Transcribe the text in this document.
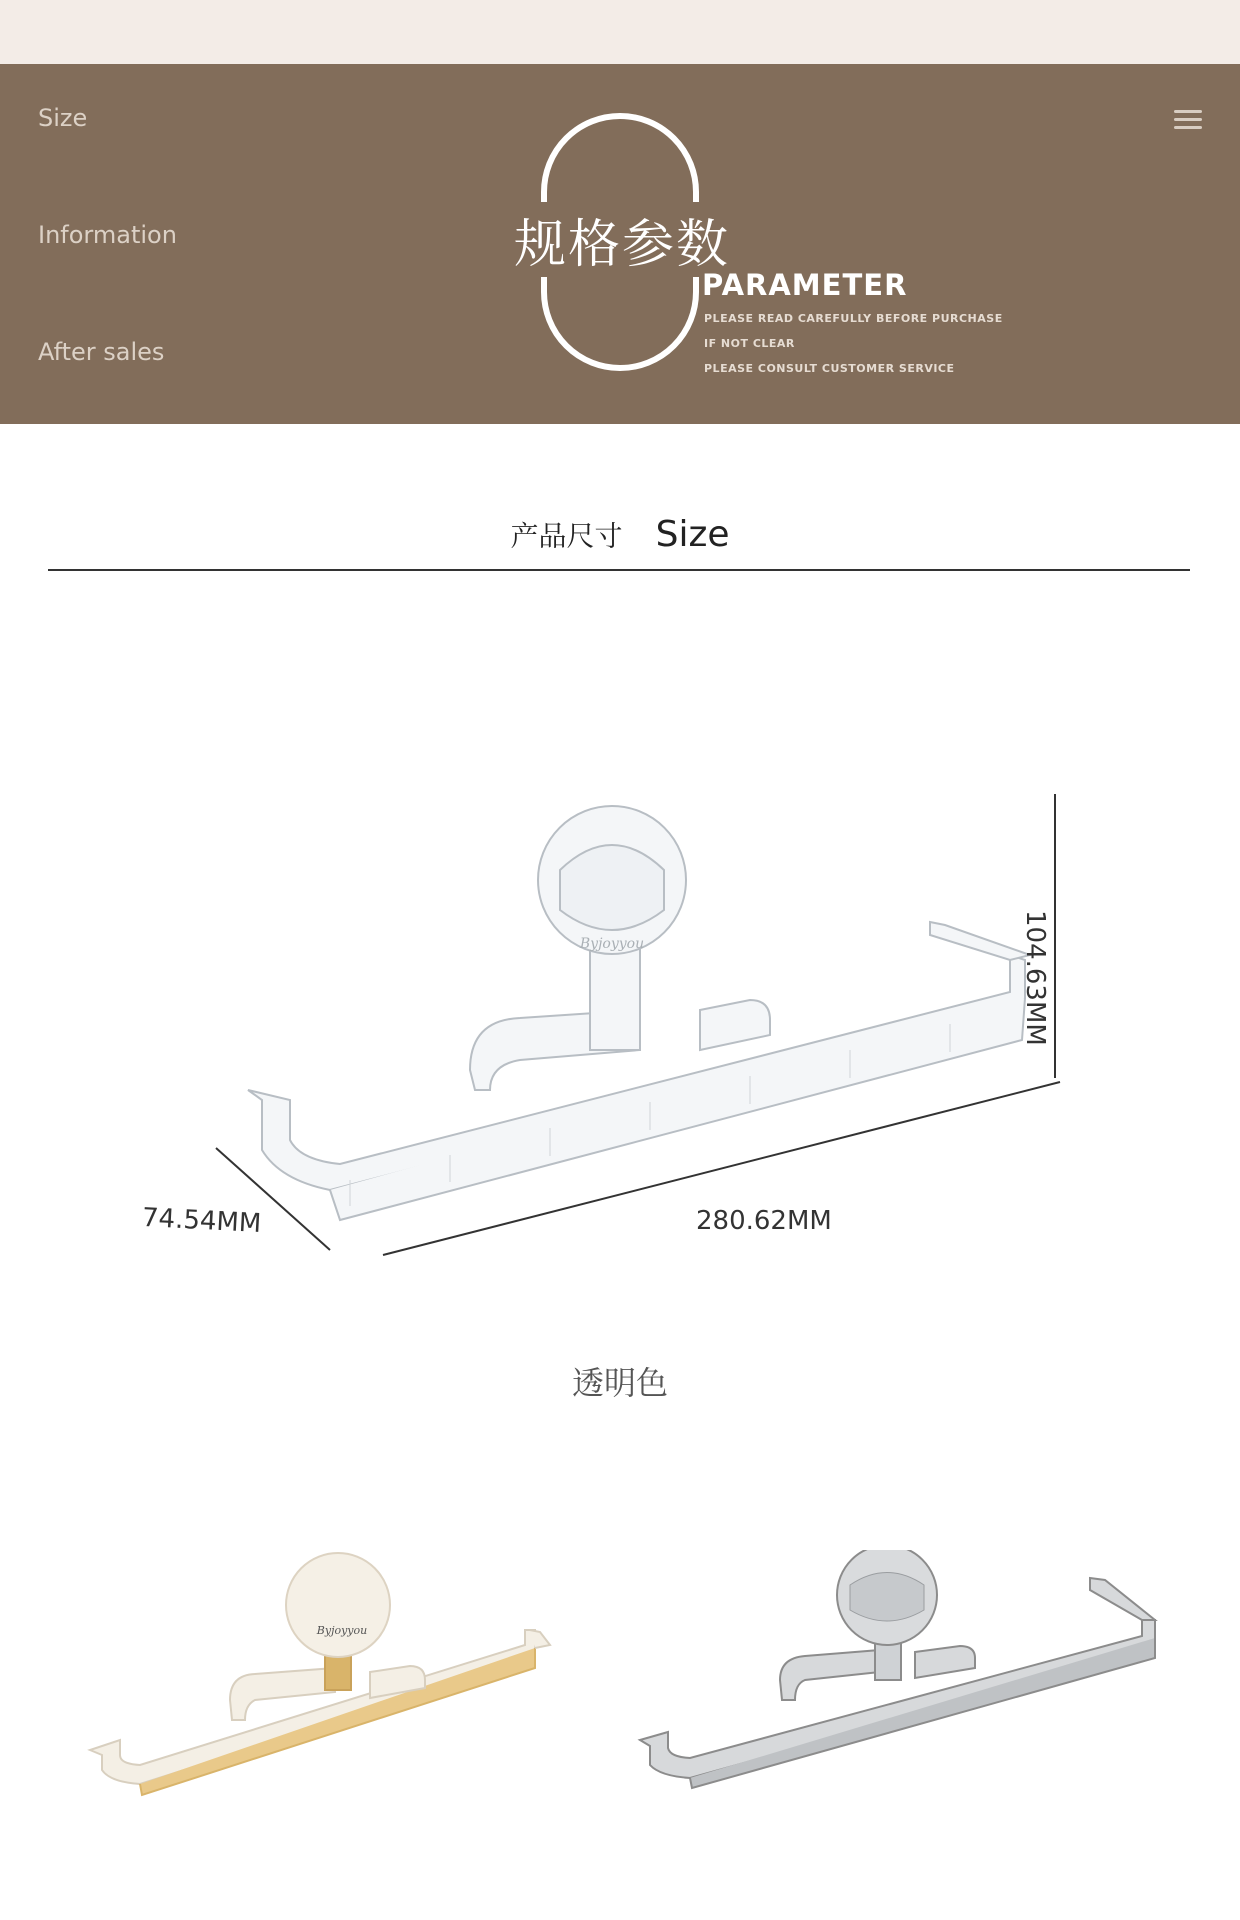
Size
Information
After sales
规格参数
PARAMETER
PLEASE READ CAREFULLY BEFORE PURCHASE
IF NOT CLEAR
PLEASE CONSULT CUSTOMER SERVICE
产品尺寸 Size
Byjoyyou
74.54MM	280.62MM
104.63MM
透明色
Byjoyyou
